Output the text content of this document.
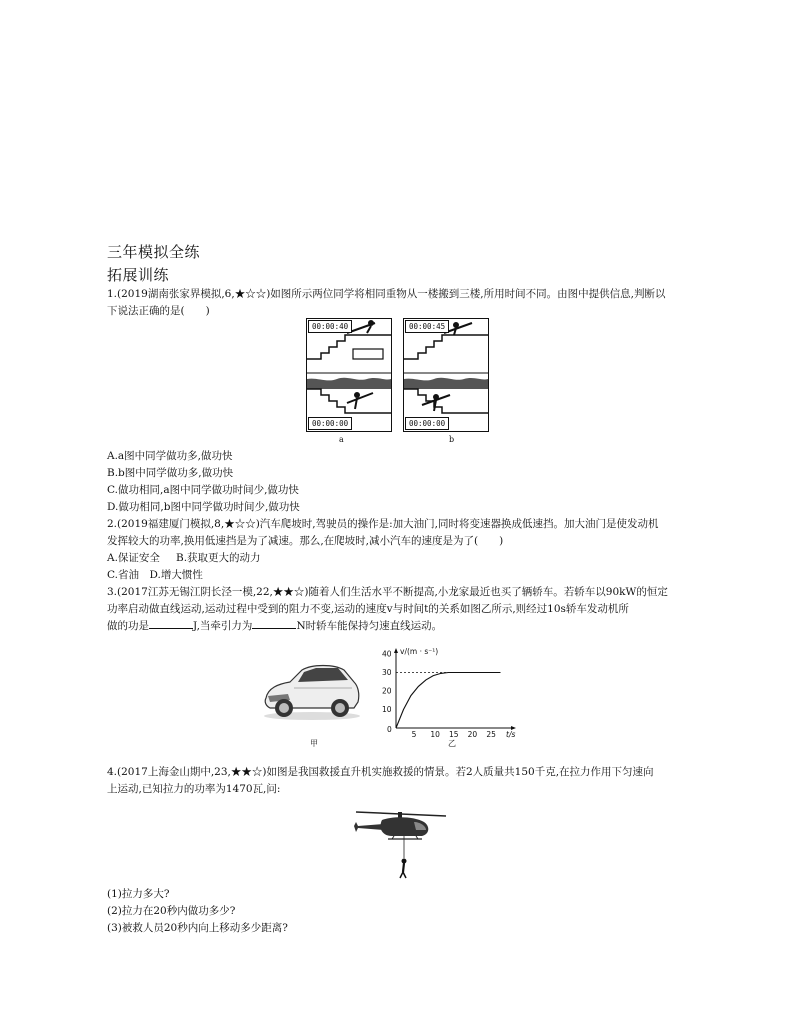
三年模拟全练
拓展训练
1.(2019湖南张家界模拟,6,★☆☆)如图所示两位同学将相同重物从一楼搬到三楼,所用时间不同。由图中提供信息,判断以
下说法正确的是(　　)
00:00:40
00:00:00
a
00:00:45
00:00:00
b
A.a图中同学做功多,做功快
B.b图中同学做功多,做功快
C.做功相同,a图中同学做功时间少,做功快
D.做功相同,b图中同学做功时间少,做功快
2.(2019福建厦门模拟,8,★☆☆)汽车爬坡时,驾驶员的操作是:加大油门,同时将变速器换成低速挡。加大油门是使发动机
发挥较大的功率,换用低速挡是为了减速。那么,在爬坡时,减小汽车的速度是为了(　　)
A.保证安全 B.获取更大的动力
C.省油　D.增大惯性
3.(2017江苏无锡江阴长泾一模,22,★★☆)随着人们生活水平不断提高,小龙家最近也买了辆轿车。若轿车以90kW的恒定
功率启动做直线运动,运动过程中受到的阻力不变,运动的速度v与时间t的关系如图乙所示,则经过10s轿车发动机所
做的功是	J,当牵引力为	N时轿车能保持匀速直线运动。
甲
v/(m · s⁻¹)
10
20
30
40
0
5 10 15 20 25 t/s
乙
4.(2017上海金山期中,23,★★☆)如图是我国救援直升机实施救援的情景。若2人质量共150千克,在拉力作用下匀速向
上运动,已知拉力的功率为1470瓦,问:
(1)拉力多大?
(2)拉力在20秒内做功多少?
(3)被救人员20秒内向上移动多少距离?
